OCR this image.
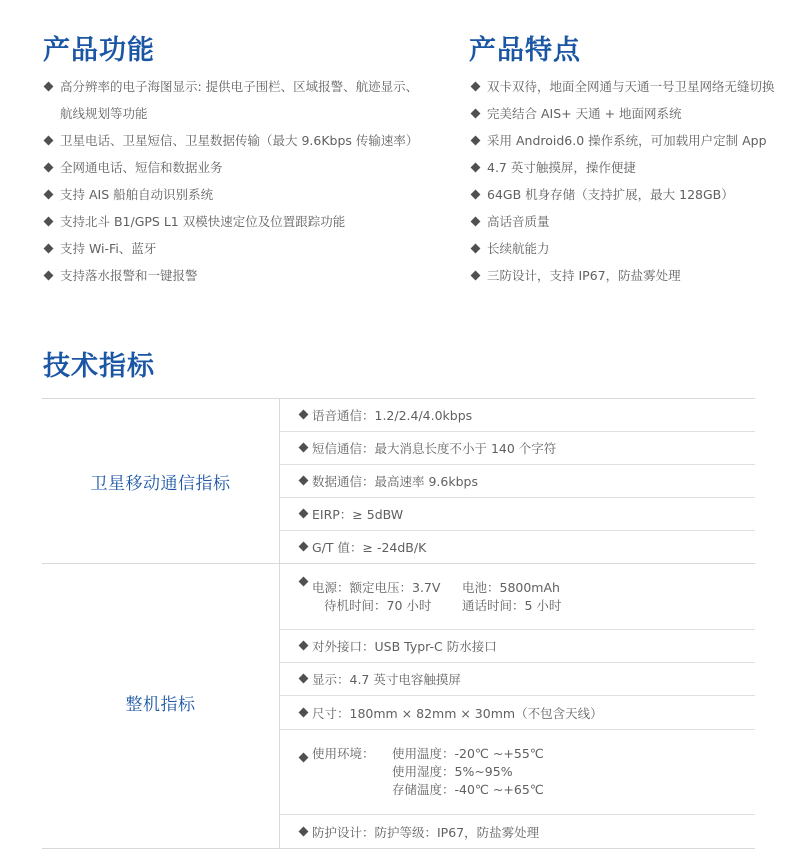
产品功能
高分辨率的电子海图显示: 提供电子围栏、区域报警、航迹显示、
航线规划等功能
卫星电话、卫星短信、卫星数据传输（最大 9.6Kbps 传输速率）
全网通电话、短信和数据业务
支持 AIS 船舶自动识别系统
支持北斗 B1/GPS L1 双模快速定位及位置跟踪功能
支持 Wi-Fi、蓝牙
支持落水报警和一键报警
产品特点
双卡双待，地面全网通与天通一号卫星网络无缝切换
完美结合 AIS+ 天通 + 地面网系统
采用 Android6.0 操作系统，可加载用户定制 App
4.7 英寸触摸屏，操作便捷
64GB 机身存储（支持扩展，最大 128GB）
高话音质量
长续航能力
三防设计，支持 IP67，防盐雾处理
技术指标
卫星移动通信指标
语音通信：1.2/2.4/4.0kbps
短信通信：最大消息长度不小于 140 个字符
数据通信：最高速率 9.6kbps
EIRP：≥ 5dBW
G/T 值：≥ -24dB/K
整机指标
电源：额定电压：3.7V	电池：5800mAh
待机时间：70 小时	通话时间：5 小时
对外接口：USB Typr-C 防水接口
显示：4.7 英寸电容触摸屏
尺寸：180mm × 82mm × 30mm（不包含天线）
使用环境：	使用温度：-20℃ ~+55℃
使用湿度：5%~95%
存储温度：-40℃ ~+65℃
防护设计：防护等级：IP67，防盐雾处理
